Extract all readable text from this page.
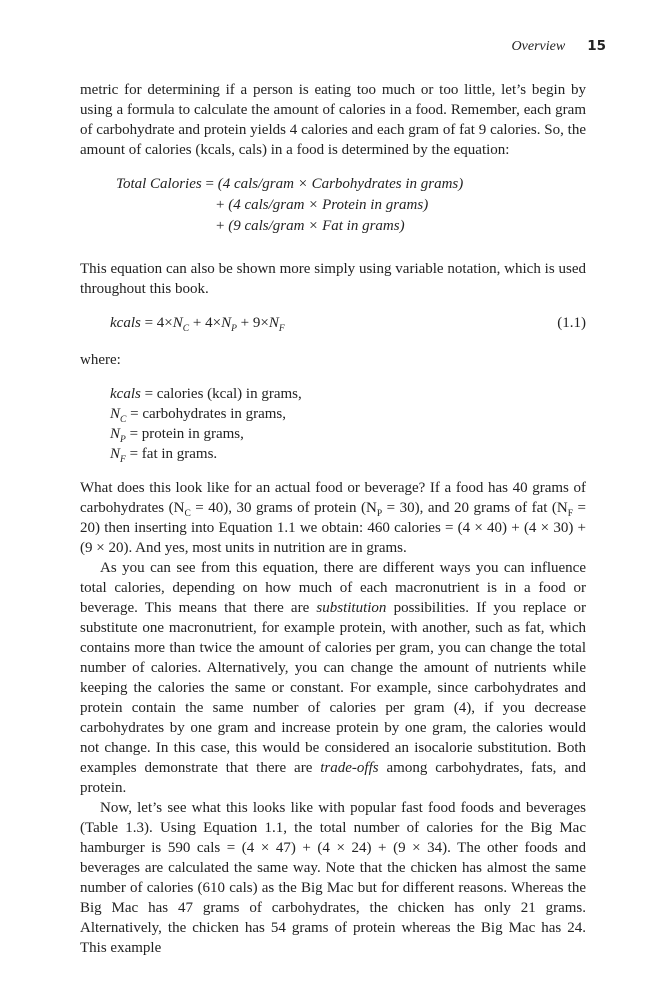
Overview 15

metric for determining if a person is eating too much or too little, let’s begin by using a formula to calculate the amount of calories in a food. Remember, each gram of carbohydrate and protein yields 4 calories and each gram of fat 9 calories. So, the amount of calories (kcals, cals) in a food is determined by the equation:

Total Calories = (4 cals/gram × Carbohydrates in grams)
+ (4 cals/gram × Protein in grams)
+ (9 cals/gram × Fat in grams)

This equation can also be shown more simply using variable notation, which is used throughout this book.

kcals = $4\times N_C + 4\times N_P + 9\times N_F$	(1.1)

where:

kcals = calories (kcal) in grams,
$N_C$ = carbohydrates in grams,
$N_P$ = protein in grams,
$N_F$ = fat in grams.

What does this look like for an actual food or beverage? If a food has 40 grams of carbohydrates $(N_C = 40)$, 30 grams of protein $(N_P = 30)$, and 20 grams of fat $(N_F = 20)$ then inserting into Equation 1.1 we obtain: 460 calories = (4 × 40) + (4 × 30) + (9 × 20). And yes, most units in nutrition are in grams.

As you can see from this equation, there are different ways you can influence total calories, depending on how much of each macronutrient is in a food or beverage. This means that there are substitution possibilities. If you replace or substitute one macronutrient, for example protein, with another, such as fat, which contains more than twice the amount of calories per gram, you can change the total number of calories. Alternatively, you can change the amount of nutrients while keeping the calories the same or constant. For example, since carbohydrates and protein contain the same number of calories per gram (4), if you decrease carbohydrates by one gram and increase protein by one gram, the calories would not change. In this case, this would be considered an isocalorie substitution. Both examples demonstrate that there are trade-offs among carbohydrates, fats, and protein.

Now, let’s see what this looks like with popular fast food foods and beverages (Table 1.3). Using Equation 1.1, the total number of calories for the Big Mac hamburger is 590 cals = (4 × 47) + (4 × 24) + (9 × 34). The other foods and beverages are calculated the same way. Note that the chicken has almost the same number of calories (610 cals) as the Big Mac but for different reasons. Whereas the Big Mac has 47 grams of carbohydrates, the chicken has only 21 grams. Alternatively, the chicken has 54 grams of protein whereas the Big Mac has 24. This example
